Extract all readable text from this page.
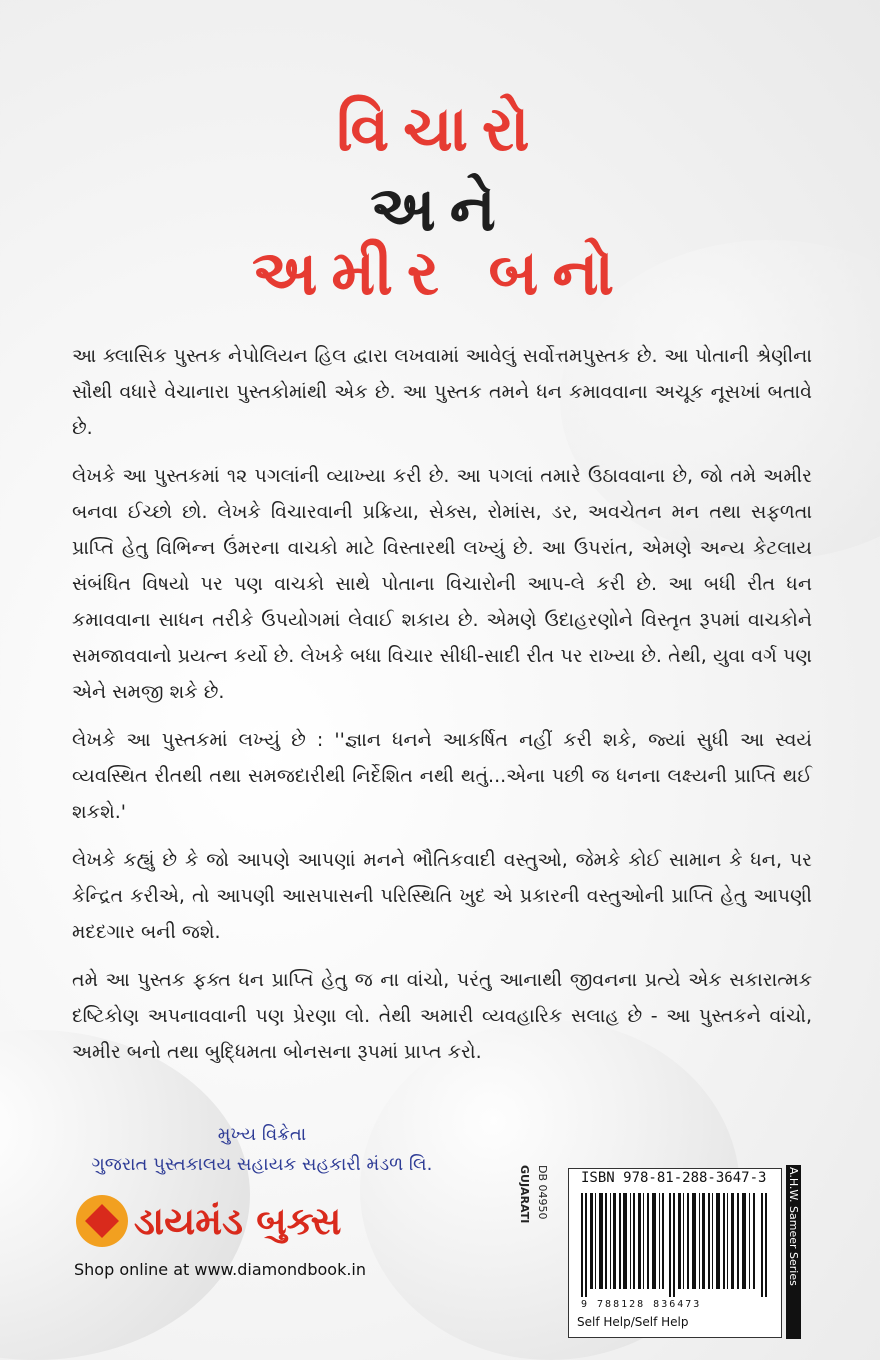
વિચારો
અને
અમીર બનો

આ ક્લાસિક પુસ્તક નેપોલિયન હિલ દ્વારા લખવામાં આવેલું સર્વોત્તમપુસ્તક છે. આ પોતાની શ્રેણીના સૌથી વધારે વેચાનારા પુસ્તકોમાંથી એક છે. આ પુસ્તક તમને ધન કમાવવાના અચૂક નૂસખાં બતાવે છે.

લેખકે આ પુસ્તકમાં ૧૨ પગલાંની વ્યાખ્યા કરી છે. આ પગલાં તમારે ઉઠાવવાના છે, જો તમે અમીર બનવા ઈચ્છો છો. લેખકે વિચારવાની પ્રક્રિયા, સેક્સ, રોમાંસ, ડર, અવચેતન મન તથા સફળતા પ્રાપ્તિ હેતુ વિભિન્ન ઉંમરના વાચકો માટે વિસ્તારથી લખ્યું છે. આ ઉપરાંત, એમણે અન્ય કેટલાય સંબંધિત વિષયો પર પણ વાચકો સાથે પોતાના વિચારોની આપ-લે કરી છે. આ બધી રીત ધન કમાવવાના સાધન તરીકે ઉપયોગમાં લેવાઈ શકાય છે. એમણે ઉદાહરણોને વિસ્તૃત રૂપમાં વાચકોને સમજાવવાનો પ્રયત્ન કર્યો છે. લેખકે બધા વિચાર સીધી-સાદી રીત પર રાખ્યા છે. તેથી, યુવા વર્ગ પણ એને સમજી શકે છે.

લેખકે આ પુસ્તકમાં લખ્યું છે : ''જ્ઞાન ધનને આકર્ષિત નહીં કરી શકે, જ્યાં સુધી આ સ્વયં વ્યવસ્થિત રીતથી તથા સમજદારીથી નિર્દેશિત નથી થતું...એના પછી જ ધનના લક્ષ્યની પ્રાપ્તિ થઈ શકશે.'

લેખકે કહ્યું છે કે જો આપણે આપણાં મનને ભૌતિકવાદી વસ્તુઓ, જેમકે કોઈ સામાન કે ધન, પર કેન્દ્રિત કરીએ, તો આપણી આસપાસની પરિસ્થિતિ ખુદ એ પ્રકારની વસ્તુઓની પ્રાપ્તિ હેતુ આપણી મદદગાર બની જશે.

તમે આ પુસ્તક ફક્ત ધન પ્રાપ્તિ હેતુ જ ના વાંચો, પરંતુ આનાથી જીવનના પ્રત્યે એક સકારાત્મક દષ્ટિકોણ અપનાવવાની પણ પ્રેરણા લો. તેથી અમારી વ્યવહારિક સલાહ છે - આ પુસ્તકને વાંચો, અમીર બનો તથા બુદ્ધિમતા બોનસના રૂપમાં પ્રાપ્ત કરો.

મુખ્ય વિક્રેતા
ગુજરાત પુસ્તકાલય સહાયક સહકારી મંડળ લિ.
ડાયમંડ બુક્સ
Shop online at www.diamondbook.in
GUJARATI DB 04950 ISBN 978-81-288-3647-3
9 788128 836473
Self Help/Self Help
A.H.W. Sameer Series
